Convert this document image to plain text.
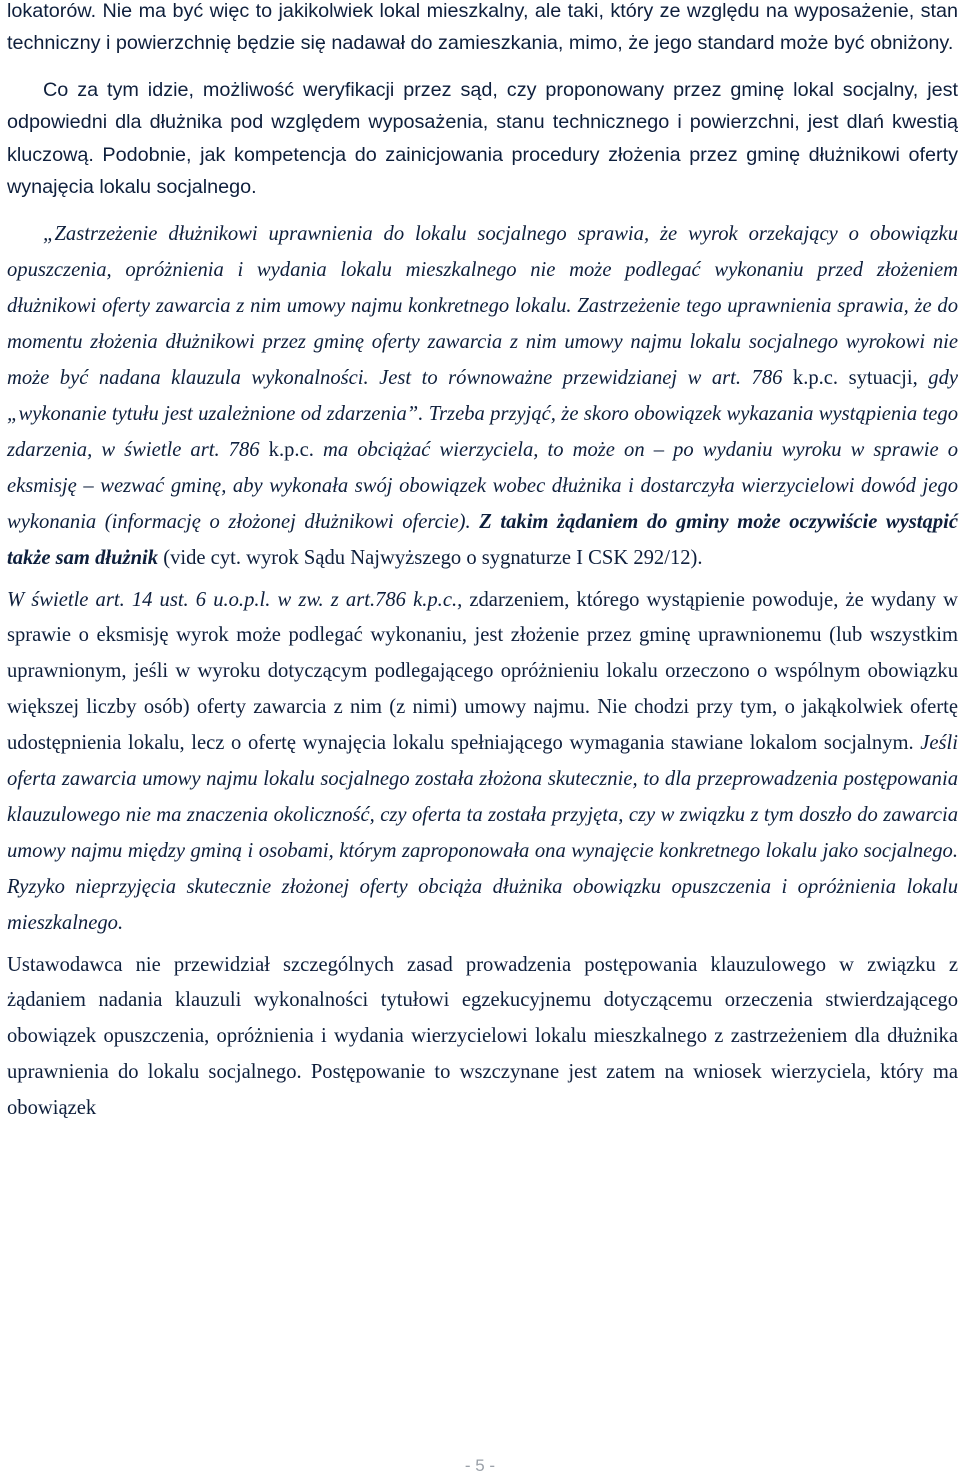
lokatorów. Nie ma być więc to jakikolwiek lokal mieszkalny, ale taki, który ze względu na wyposażenie, stan techniczny i powierzchnię będzie się nadawał do zamieszkania, mimo, że jego standard może być obniżony.

Co za tym idzie, możliwość weryfikacji przez sąd, czy proponowany przez gminę lokal socjalny, jest odpowiedni dla dłużnika pod względem wyposażenia, stanu technicznego i powierzchni, jest dlań kwestią kluczową. Podobnie, jak kompetencja do zainicjowania procedury złożenia przez gminę dłużnikowi oferty wynajęcia lokalu socjalnego.

„Zastrzeżenie dłużnikowi uprawnienia do lokalu socjalnego sprawia, że wyrok orzekający o obowiązku opuszczenia, opróżnienia i wydania lokalu mieszkalnego nie może podlegać wykonaniu przed złożeniem dłużnikowi oferty zawarcia z nim umowy najmu konkretnego lokalu. Zastrzeżenie tego uprawnienia sprawia, że do momentu złożenia dłużnikowi przez gminę oferty zawarcia z nim umowy najmu lokalu socjalnego wyrokowi nie może być nadana klauzula wykonalności. Jest to równoważne przewidzianej w art. 786 k.p.c. sytuacji, gdy „wykonanie tytułu jest uzależnione od zdarzenia”. Trzeba przyjąć, że skoro obowiązek wykazania wystąpienia tego zdarzenia, w świetle art. 786 k.p.c. ma obciążać wierzyciela, to może on – po wydaniu wyroku w sprawie o eksmisję – wezwać gminę, aby wykonała swój obowiązek wobec dłużnika i dostarczyła wierzycielowi dowód jego wykonania (informację o złożonej dłużnikowi ofercie). Z takim żądaniem do gminy może oczywiście wystąpić także sam dłużnik (vide cyt. wyrok Sądu Najwyższego o sygnaturze I CSK 292/12).

W świetle art. 14 ust. 6 u.o.p.l. w zw. z art.786 k.p.c., zdarzeniem, którego wystąpienie powoduje, że wydany w sprawie o eksmisję wyrok może podlegać wykonaniu, jest złożenie przez gminę uprawnionemu (lub wszystkim uprawnionym, jeśli w wyroku dotyczącym podlegającego opróżnieniu lokalu orzeczono o wspólnym obowiązku większej liczby osób) oferty zawarcia z nim (z nimi) umowy najmu. Nie chodzi przy tym, o jakąkolwiek ofertę udostępnienia lokalu, lecz o ofertę wynajęcia lokalu spełniającego wymagania stawiane lokalom socjalnym. Jeśli oferta zawarcia umowy najmu lokalu socjalnego została złożona skutecznie, to dla przeprowadzenia postępowania klauzulowego nie ma znaczenia okoliczność, czy oferta ta została przyjęta, czy w związku z tym doszło do zawarcia umowy najmu między gminą i osobami, którym zaproponowała ona wynajęcie konkretnego lokalu jako socjalnego. Ryzyko nieprzyjęcia skutecznie złożonej oferty obciąża dłużnika obowiązku opuszczenia i opróżnienia lokalu mieszkalnego.

Ustawodawca nie przewidział szczególnych zasad prowadzenia postępowania klauzulowego w związku z żądaniem nadania klauzuli wykonalności tytułowi egzekucyjnemu dotyczącemu orzeczenia stwierdzającego obowiązek opuszczenia, opróżnienia i wydania wierzycielowi lokalu mieszkalnego z zastrzeżeniem dla dłużnika uprawnienia do lokalu socjalnego. Postępowanie to wszczynane jest zatem na wniosek wierzyciela, który ma obowiązek

- 5 -
